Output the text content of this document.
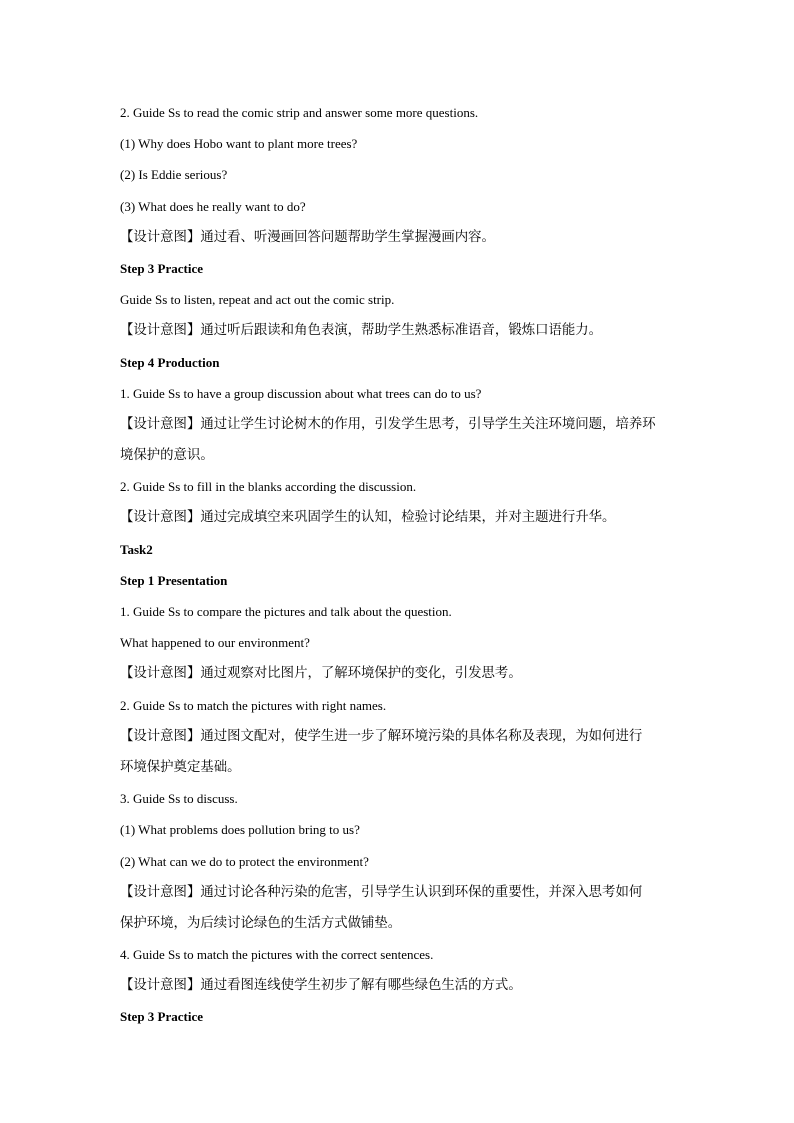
2. Guide Ss to read the comic strip and answer some more questions.
(1) Why does Hobo want to plant more trees?
(2) Is Eddie serious?
(3) What does he really want to do?
【设计意图】通过看、听漫画回答问题帮助学生掌握漫画内容。
Step 3 Practice
Guide Ss to listen, repeat and act out the comic strip.
【设计意图】通过听后跟读和角色表演，帮助学生熟悉标准语音，锻炼口语能力。
Step 4 Production
1. Guide Ss to have a group discussion about what trees can do to us?
【设计意图】通过让学生讨论树木的作用，引发学生思考，引导学生关注环境问题，培养环
境保护的意识。
2. Guide Ss to fill in the blanks according the discussion.
【设计意图】通过完成填空来巩固学生的认知，检验讨论结果，并对主题进行升华。
Task2
Step 1 Presentation
1. Guide Ss to compare the pictures and talk about the question.
What happened to our environment?
【设计意图】通过观察对比图片，了解环境保护的变化，引发思考。
2. Guide Ss to match the pictures with right names.
【设计意图】通过图文配对，使学生进一步了解环境污染的具体名称及表现，为如何进行
环境保护奠定基础。
3. Guide Ss to discuss.
(1) What problems does pollution bring to us?
(2) What can we do to protect the environment?
【设计意图】通过讨论各种污染的危害，引导学生认识到环保的重要性，并深入思考如何
保护环境，为后续讨论绿色的生活方式做铺垫。
4. Guide Ss to match the pictures with the correct sentences.
【设计意图】通过看图连线使学生初步了解有哪些绿色生活的方式。
Step 3 Practice
